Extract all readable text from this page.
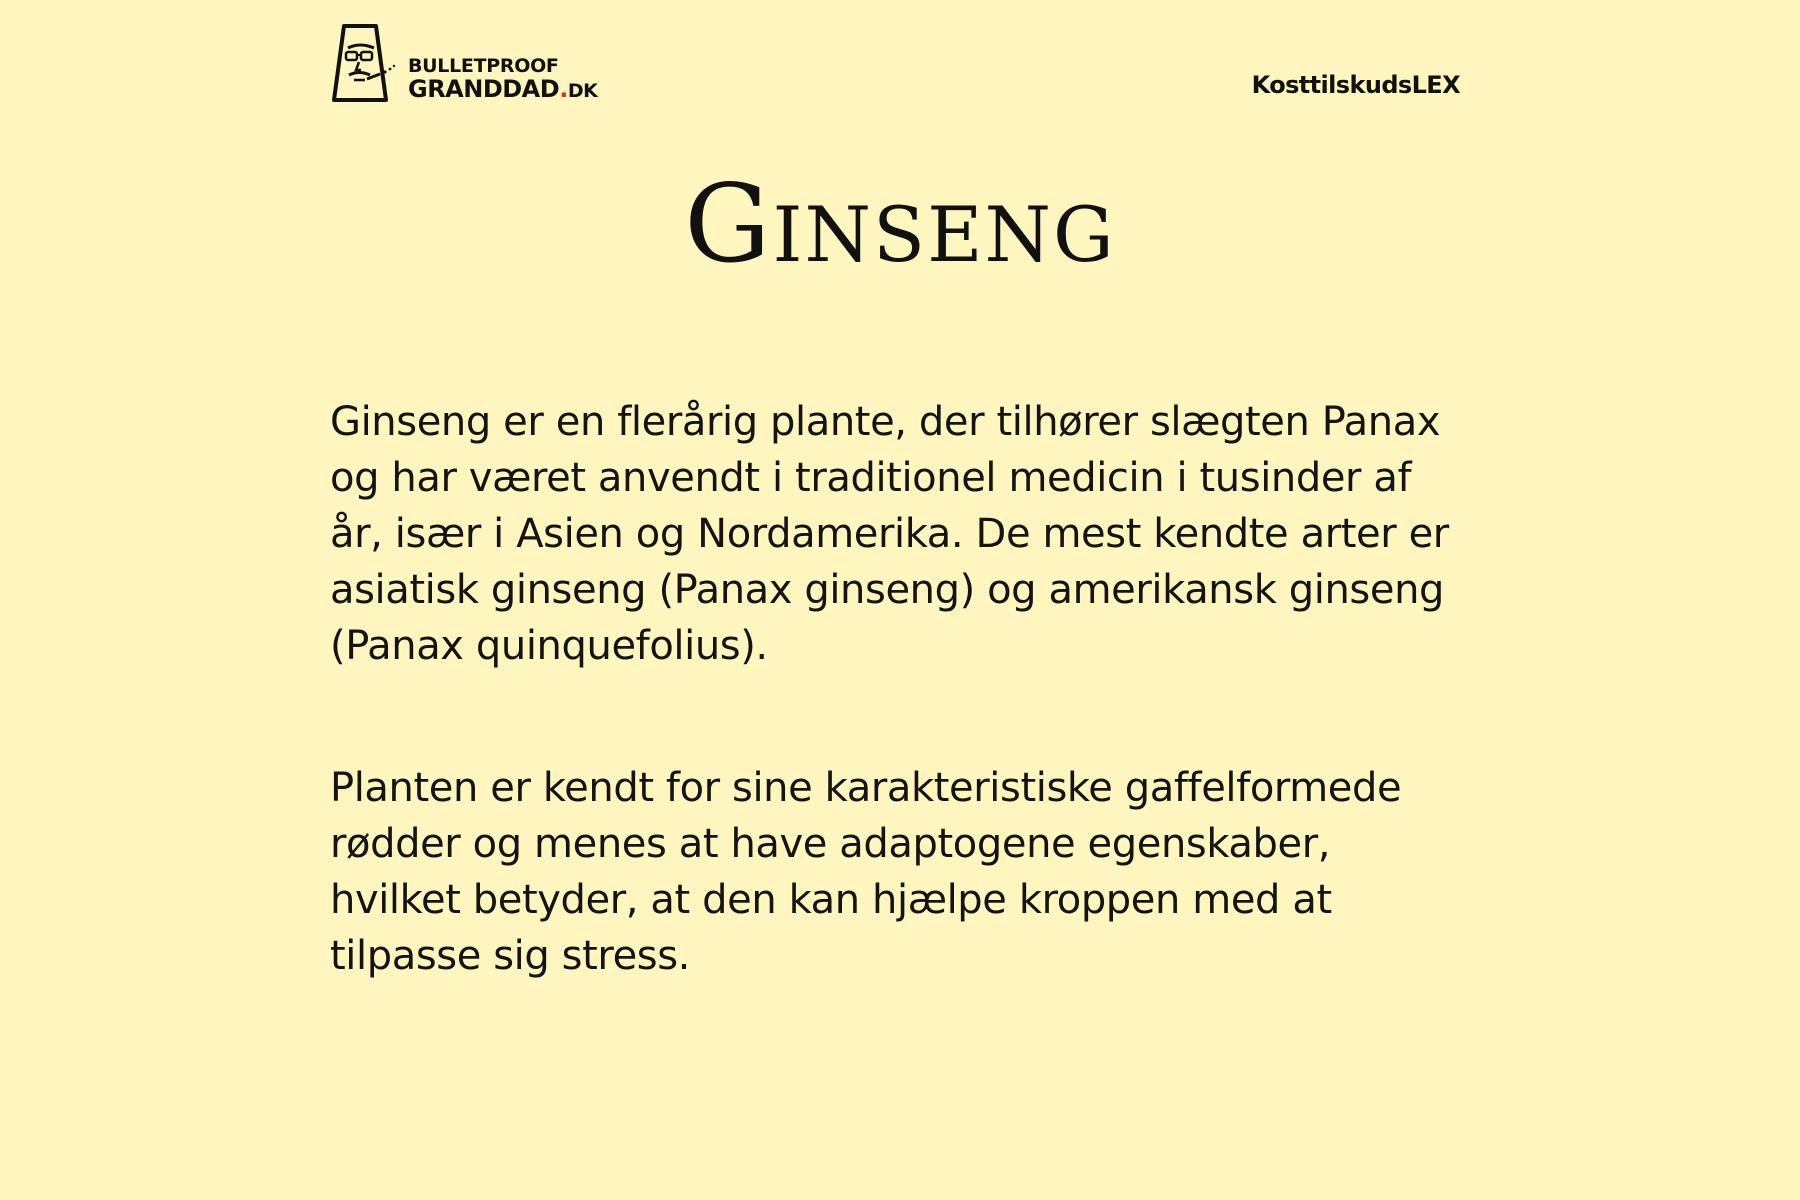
BULLETPROOF
GRANDDAD.DK	KosttilskudsLEX
Ginseng

Ginseng er en flerårig plante, der tilhører slægten Panax og har været anvendt i traditionel medicin i tusinder af år, især i Asien og Nordamerika. De mest kendte arter er asiatisk ginseng (Panax ginseng) og amerikansk ginseng (Panax quinquefolius).

Planten er kendt for sine karakteristiske gaffelformede rødder og menes at have adaptogene egenskaber, hvilket betyder, at den kan hjælpe kroppen med at tilpasse sig stress.
